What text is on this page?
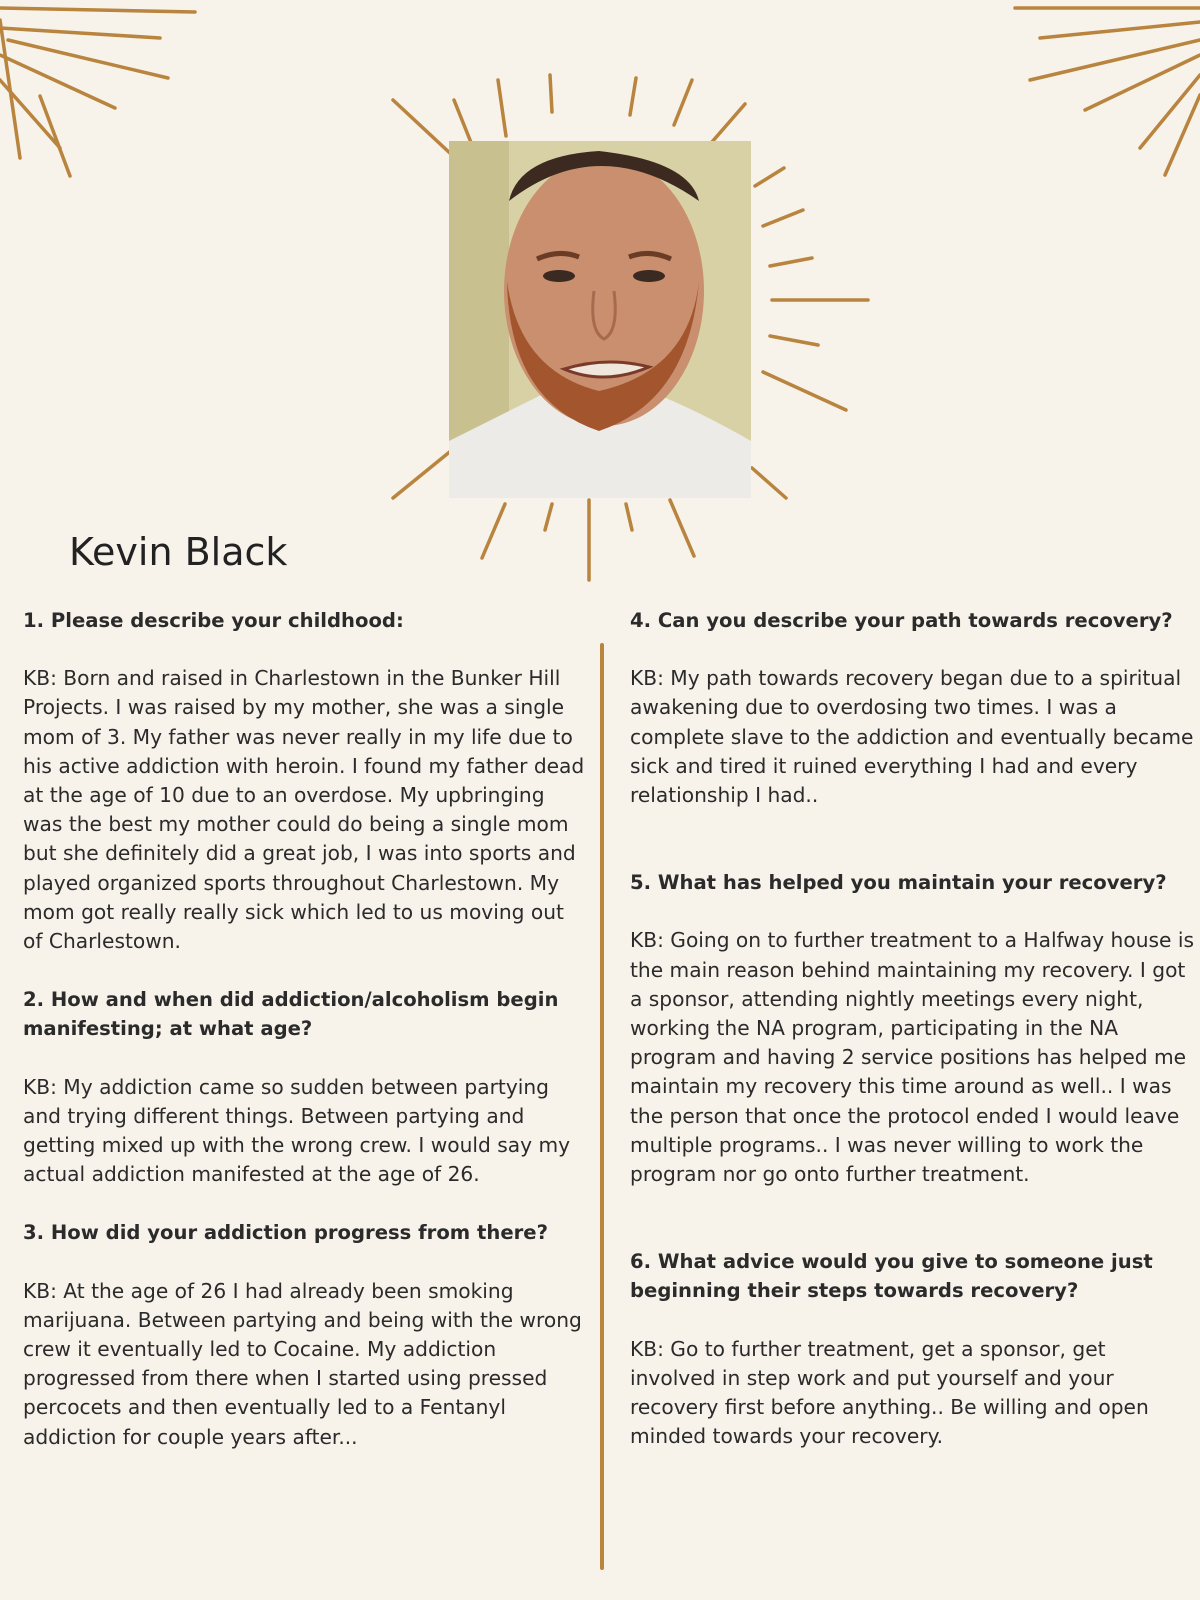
Kevin Black

1. Please describe your childhood:

KB: Born and raised in Charlestown in the Bunker Hill Projects. I was raised by my mother, she was a single mom of 3. My father was never really in my life due to his active addiction with heroin. I found my father dead at the age of 10 due to an overdose. My upbringing was the best my mother could do being a single mom but she definitely did a great job, I was into sports and played organized sports throughout Charlestown. My mom got really really sick which led to us moving out of Charlestown.

2. How and when did addiction/alcoholism begin manifesting; at what age?

KB: My addiction came so sudden between partying and trying different things. Between partying and getting mixed up with the wrong crew. I would say my actual addiction manifested at the age of 26.

3. How did your addiction progress from there?

KB: At the age of 26 I had already been smoking marijuana. Between partying and being with the wrong crew it eventually led to Cocaine. My addiction progressed from there when I started using pressed percocets and then eventually led to a Fentanyl addiction for couple years after...

4. Can you describe your path towards recovery?

KB: My path towards recovery began due to a spiritual awakening due to overdosing two times. I was a complete slave to the addiction and eventually became sick and tired it ruined everything I had and every relationship I had..

5. What has helped you maintain your recovery?

KB: Going on to further treatment to a Halfway house is the main reason behind maintaining my recovery. I got a sponsor, attending nightly meetings every night, working the NA program, participating in the NA program and having 2 service positions has helped me maintain my recovery this time around as well.. I was the person that once the protocol ended I would leave multiple programs.. I was never willing to work the program nor go onto further treatment.

6. What advice would you give to someone just beginning their steps towards recovery?

KB: Go to further treatment, get a sponsor, get involved in step work and put yourself and your recovery first before anything.. Be willing and open minded towards your recovery.
